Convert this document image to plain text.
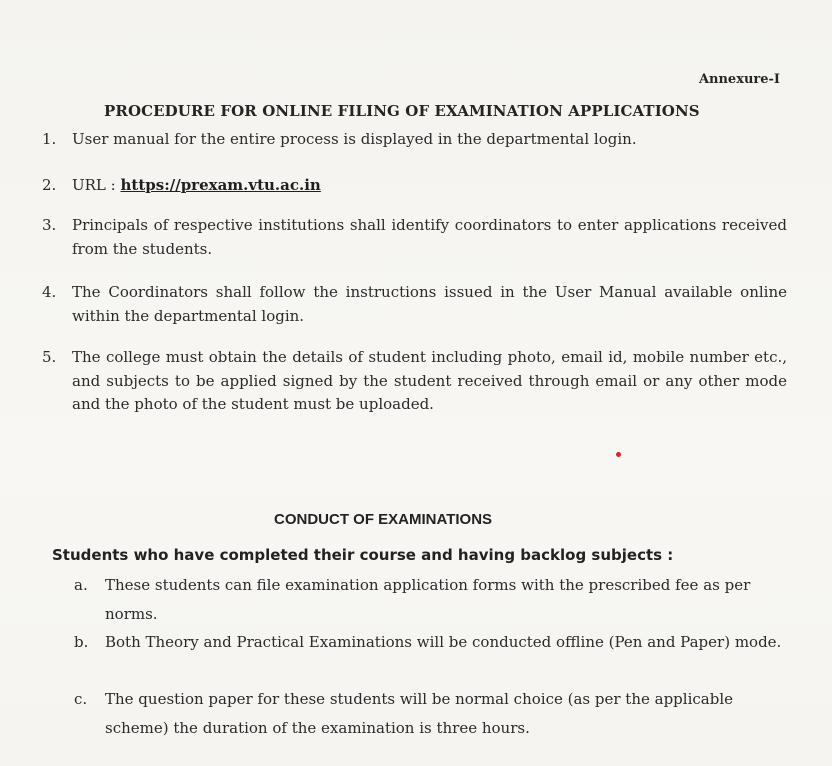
Annexure-I
PROCEDURE FOR ONLINE FILING OF EXAMINATION APPLICATIONS
1.	User manual for the entire process is displayed in the departmental login.
2.	URL : https://prexam.vtu.ac.in
3.	Principals of respective institutions shall identify coordinators to enter applications received   from the students.
4.	The Coordinators shall follow the instructions issued in the User Manual available online within the departmental login.
5.	The college must obtain the details of student including photo, email id, mobile number etc., and subjects to be applied signed by the student received through email or any other mode and the photo of the student must be uploaded.
CONDUCT OF EXAMINATIONS
Students who have completed their course and having backlog subjects :
a. These students can file examination application forms with the prescribed fee as per norms.
b. Both Theory and Practical Examinations will be conducted offline (Pen and Paper) mode.
c. The question paper for these students will be normal choice (as per the applicable scheme) the duration of the examination is three hours.
